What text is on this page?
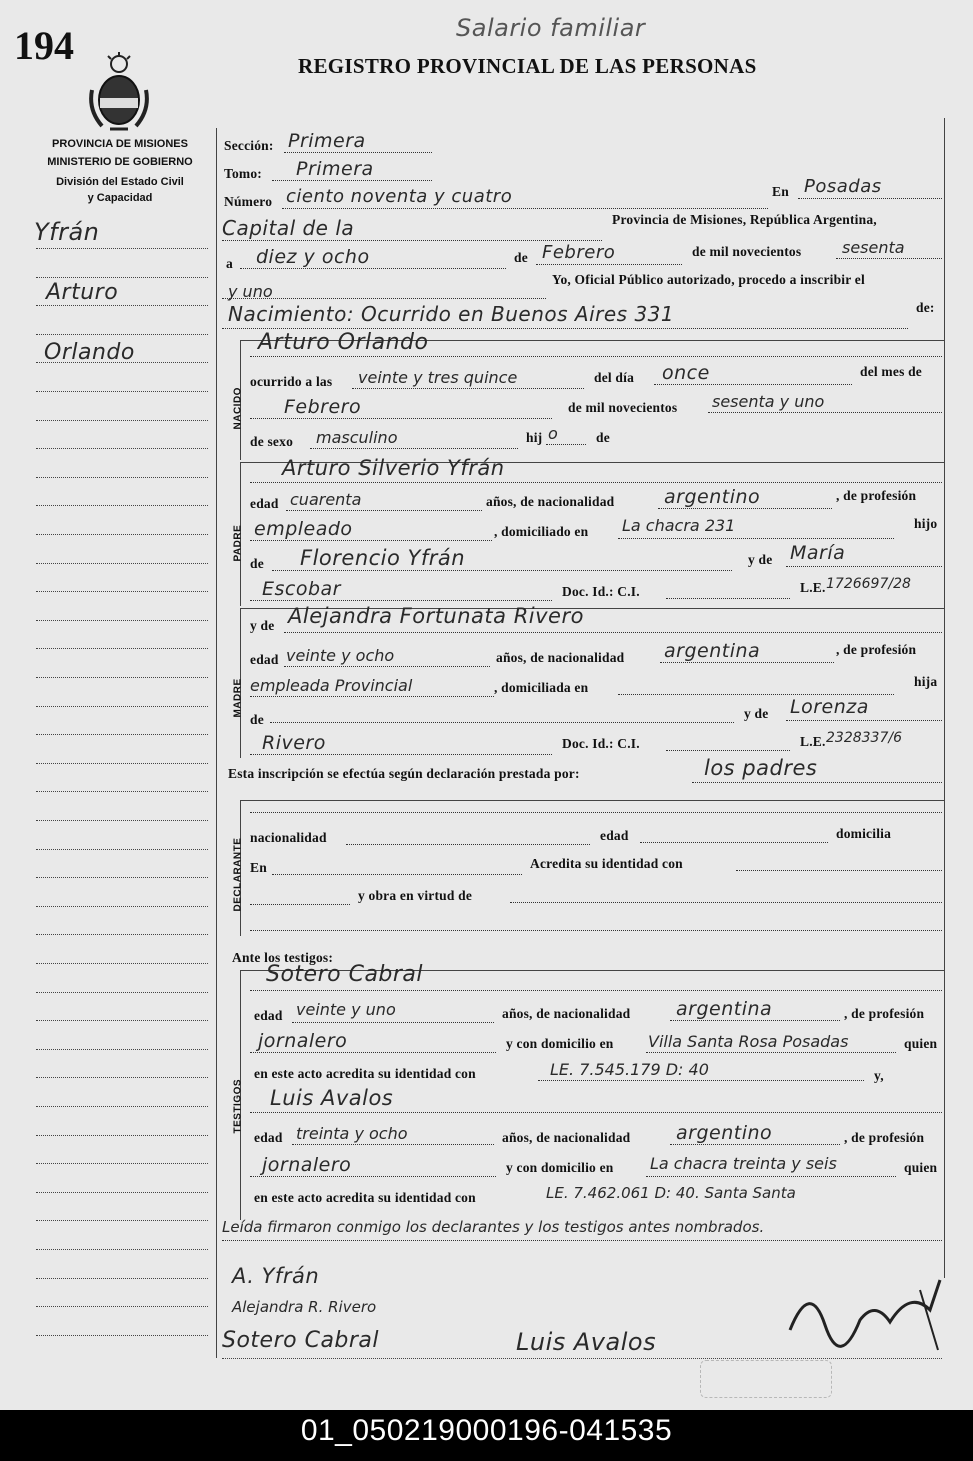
194	Salario familiar
REGISTRO PROVINCIAL DE LAS PERSONAS
PROVINCIA DE MISIONES
MINISTERIO DE GOBIERNO
División del Estado Civil
y Capacidad
Yfrán
Arturo
Orlando
Sección: Primera
Tomo: Primera
Número ciento noventa y cuatro	En Posadas
Capital de la	Provincia de Misiones, República Argentina,
a diez y ocho	de Febrero	de mil novecientos	sesenta
y uno
Yo, Oficial Público autorizado, procedo a inscribir el
Nacimiento: Ocurrido en Buenos Aires 331	de:
NACIDO
Arturo Orlando
ocurrido a las veinte y tres quince	del día once	del mes de
Febrero	de mil novecientos sesenta y uno
de sexo masculino	hij o	de
PADRE
Arturo Silverio Yfrán
edad cuarenta	años, de nacionalidad	argentino	, de profesión
empleado	, domiciliado en La chacra 231	hijo
de Florencio Yfrán	y de María
Escobar	Doc. Id.: C.I.	L.E. 1726697/28
MADRE
y de Alejandra Fortunata Rivero
edad veinte y ocho	años, de nacionalidad argentina	, de profesión
empleada Provincial	, domiciliada en	hija
de	y de Lorenza
Rivero	Doc. Id.: C.I.	L.E. 2328337/6
Esta inscripción se efectúa según declaración prestada por:	los padres
DECLARANTE
nacionalidad	edad	domicilia
En	Acredita su identidad con
y obra en virtud de
Ante los testigos:
TESTIGOS
Sotero Cabral
edad veinte y uno	años, de nacionalidad argentina	, de profesión
jornalero	y con domicilio en Villa Santa Rosa Posadas	quien
en este acto acredita su identidad con	LE. 7.545.179 D: 40	y,
Luis Avalos
edad treinta y ocho	años, de nacionalidad argentino	, de profesión
jornalero	y con domicilio en La chacra treinta y seis	quien
en este acto acredita su identidad con	LE. 7.462.061 D: 40. Santa Santa
Leída firmaron conmigo los declarantes y los testigos antes nombrados.
A. Yfrán
Alejandra R. Rivero
Sotero Cabral	Luis Avalos
01_050219000196-041535
